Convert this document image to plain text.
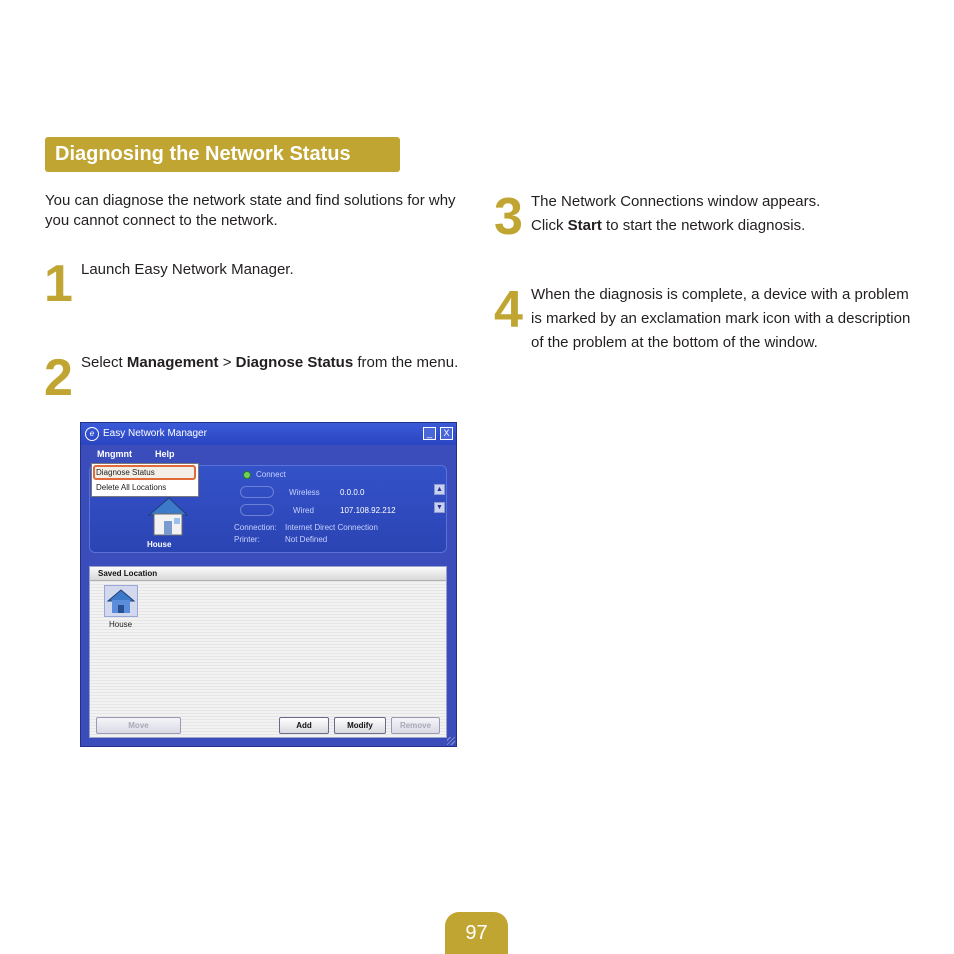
Diagnosing the Network Status
You can diagnose the network state and find solutions for why you cannot connect to the network.
1 Launch Easy Network Manager.
2 Select Management > Diagnose Status from the menu.
3 The Network Connections window appears.
Click Start to start the network diagnosis.
4 When the diagnosis is complete, a device with a problem is marked by an exclamation mark icon with a description of the problem at the bottom of the window.
e Easy Network Manager	_	X
Mngmnt	Help
Connect
Wireless	0.0.0.0
Wired	107.108.92.212
Connection: Internet Direct Connection
Printer:	Not Defined
▲
▼
House
Diagnose Status
Delete All Locations
Saved Location
House
Move	Add	Modify	Remove
97
